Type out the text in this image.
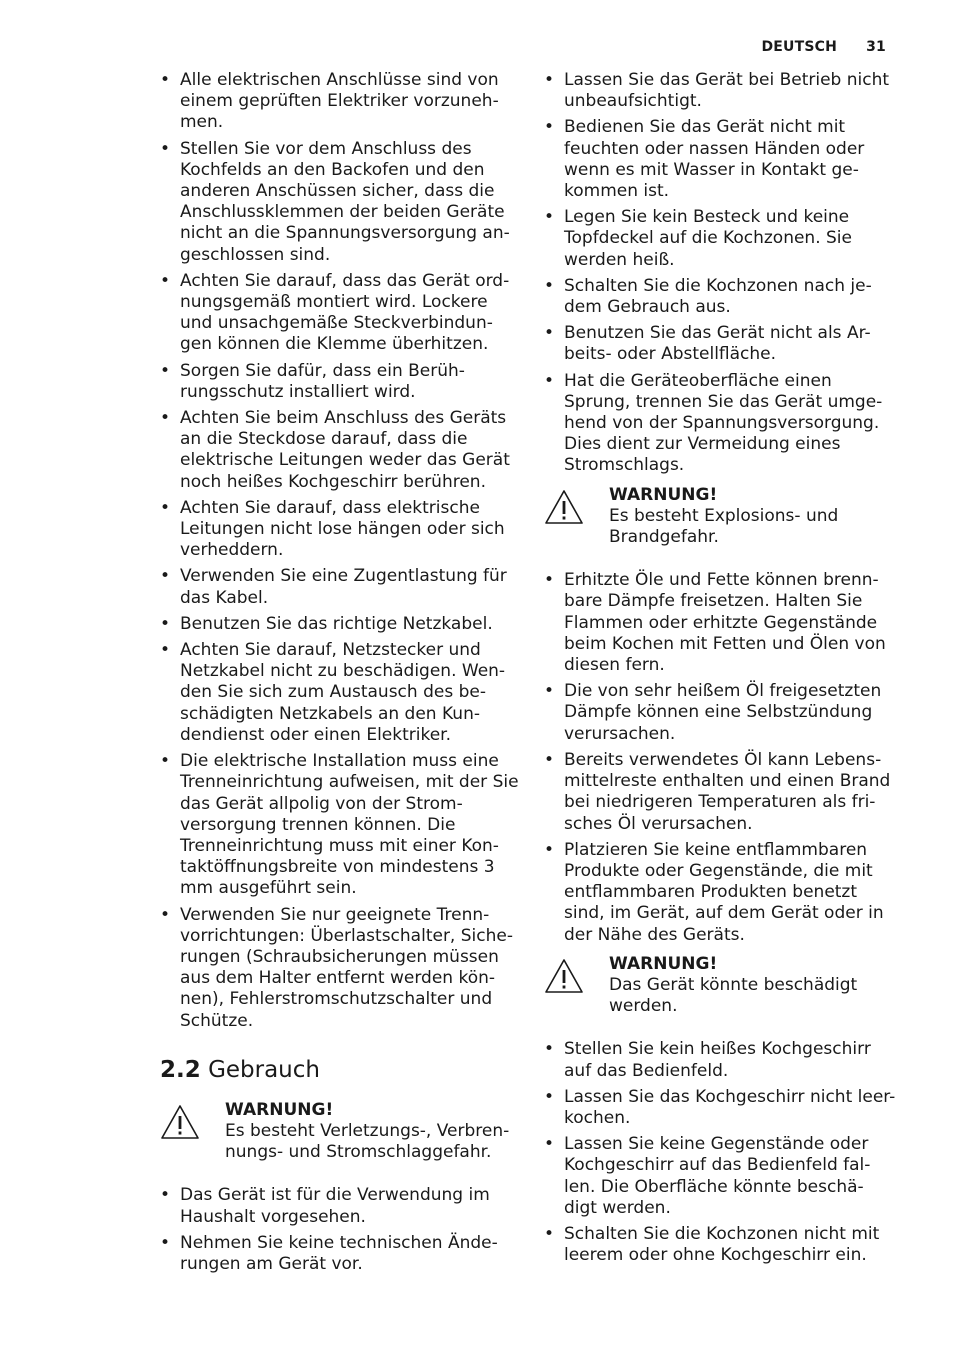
DEUTSCH 31
• Alle elektrischen Anschlüsse sind von einem geprüften Elektriker vorzuneh- men.
• Stellen Sie vor dem Anschluss des Kochfelds an den Backofen und den anderen Anschüssen sicher, dass die Anschlussklemmen der beiden Geräte nicht an die Spannungsversorgung an- geschlossen sind.
• Achten Sie darauf, dass das Gerät ord- nungsgemäß montiert wird. Lockere und unsachgemäße Steckverbindun- gen können die Klemme überhitzen.
• Sorgen Sie dafür, dass ein Berüh- rungsschutz installiert wird.
• Achten Sie beim Anschluss des Geräts an die Steckdose darauf, dass die elektrische Leitungen weder das Gerät noch heißes Kochgeschirr berühren.
• Achten Sie darauf, dass elektrische Leitungen nicht lose hängen oder sich verheddern.
• Verwenden Sie eine Zugentlastung für das Kabel.
• Benutzen Sie das richtige Netzkabel.
• Achten Sie darauf, Netzstecker und Netzkabel nicht zu beschädigen. Wen- den Sie sich zum Austausch des be- schädigten Netzkabels an den Kun- dendienst oder einen Elektriker.
• Die elektrische Installation muss eine Trenneinrichtung aufweisen, mit der Sie das Gerät allpolig von der Strom- versorgung trennen können. Die Trenneinrichtung muss mit einer Kon- taktöffnungsbreite von mindestens 3 mm ausgeführt sein.
• Verwenden Sie nur geeignete Trenn- vorrichtungen: Überlastschalter, Siche- rungen (Schraubsicherungen müssen aus dem Halter entfernt werden kön- nen), Fehlerstromschutzschalter und Schütze.
2.2 Gebrauch
WARNUNG!
Es besteht Verletzungs-, Verbren- nungs- und Stromschlaggefahr.
• Das Gerät ist für die Verwendung im Haushalt vorgesehen.
• Nehmen Sie keine technischen Ände- rungen am Gerät vor.
• Lassen Sie das Gerät bei Betrieb nicht unbeaufsichtigt.
• Bedienen Sie das Gerät nicht mit feuchten oder nassen Händen oder wenn es mit Wasser in Kontakt ge- kommen ist.
• Legen Sie kein Besteck und keine Topfdeckel auf die Kochzonen. Sie werden heiß.
• Schalten Sie die Kochzonen nach je- dem Gebrauch aus.
• Benutzen Sie das Gerät nicht als Ar- beits- oder Abstellfläche.
• Hat die Geräteoberfläche einen Sprung, trennen Sie das Gerät umge- hend von der Spannungsversorgung. Dies dient zur Vermeidung eines Stromschlags.
WARNUNG!
Es besteht Explosions- und Brandgefahr.
• Erhitzte Öle und Fette können brenn- bare Dämpfe freisetzen. Halten Sie Flammen oder erhitzte Gegenstände beim Kochen mit Fetten und Ölen von diesen fern.
• Die von sehr heißem Öl freigesetzten Dämpfe können eine Selbstzündung verursachen.
• Bereits verwendetes Öl kann Lebens- mittelreste enthalten und einen Brand bei niedrigeren Temperaturen als fri- sches Öl verursachen.
• Platzieren Sie keine entflammbaren Produkte oder Gegenstände, die mit entflammbaren Produkten benetzt sind, im Gerät, auf dem Gerät oder in der Nähe des Geräts.
WARNUNG!
Das Gerät könnte beschädigt werden.
• Stellen Sie kein heißes Kochgeschirr auf das Bedienfeld.
• Lassen Sie das Kochgeschirr nicht leer- kochen.
• Lassen Sie keine Gegenstände oder Kochgeschirr auf das Bedienfeld fal- len. Die Oberfläche könnte beschä- digt werden.
• Schalten Sie die Kochzonen nicht mit leerem oder ohne Kochgeschirr ein.
